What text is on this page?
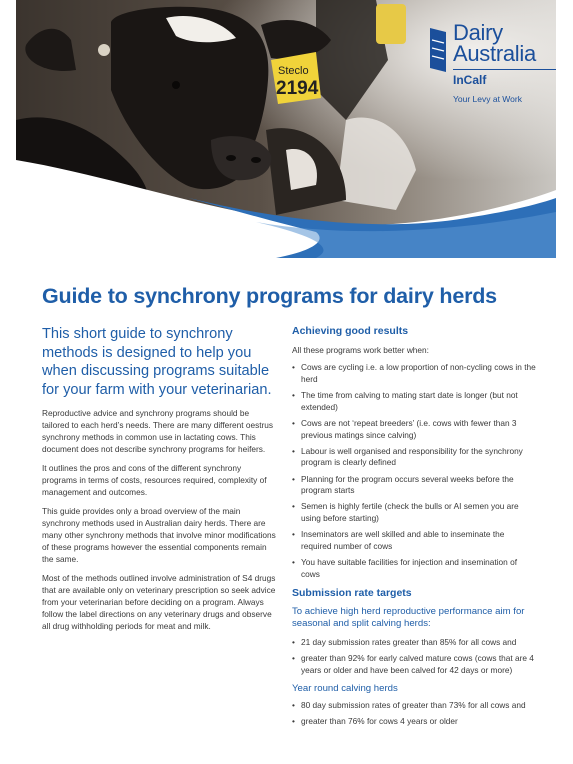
Steclo
2194
Dairy
Australia
InCalf
Your Levy at Work
Guide to synchrony programs for dairy herds

This short guide to synchrony methods is designed to help you when discussing programs suitable for your farm with your veterinarian.

Reproductive advice and synchrony programs should be tailored to each herd’s needs. There are many different oestrus synchrony methods in common use in lactating cows. This document does not describe synchrony programs for heifers.

It outlines the pros and cons of the different synchrony programs in terms of costs, resources required, complexity of management and outcomes.

This guide provides only a broad overview of the main synchrony methods used in Australian dairy herds. There are many other synchrony methods that involve minor modifications of these programs however the essential components remain the same.

Most of the methods outlined involve administration of S4 drugs that are available only on veterinary prescription so seek advice from your veterinarian before deciding on a program. Always follow the label directions on any veterinary drugs and observe all drug withholding periods for meat and milk.

Achieving good results

All these programs work better when:

• Cows are cycling i.e. a low proportion of non-cycling cows in the herd
• The time from calving to mating start date is longer (but not extended)
• Cows are not ‘repeat breeders’ (i.e. cows with fewer than 3 previous matings since calving)
• Labour is well organised and responsibility for the synchrony program is clearly defined
• Planning for the program occurs several weeks before the program starts
• Semen is highly fertile (check the bulls or AI semen you are using before starting)
• Inseminators are well skilled and able to inseminate the required number of cows
• You have suitable facilities for injection and insemination of cows
Submission rate targets

To achieve high herd reproductive performance aim for seasonal and split calving herds:

• 21 day submission rates greater than 85% for all cows and
• greater than 92% for early calved mature cows (cows that are 4 years or older and have been calved for 42 days or more)

Year round calving herds

• 80 day submission rates of greater than 73% for all cows and
• greater than 76% for cows 4 years or older
